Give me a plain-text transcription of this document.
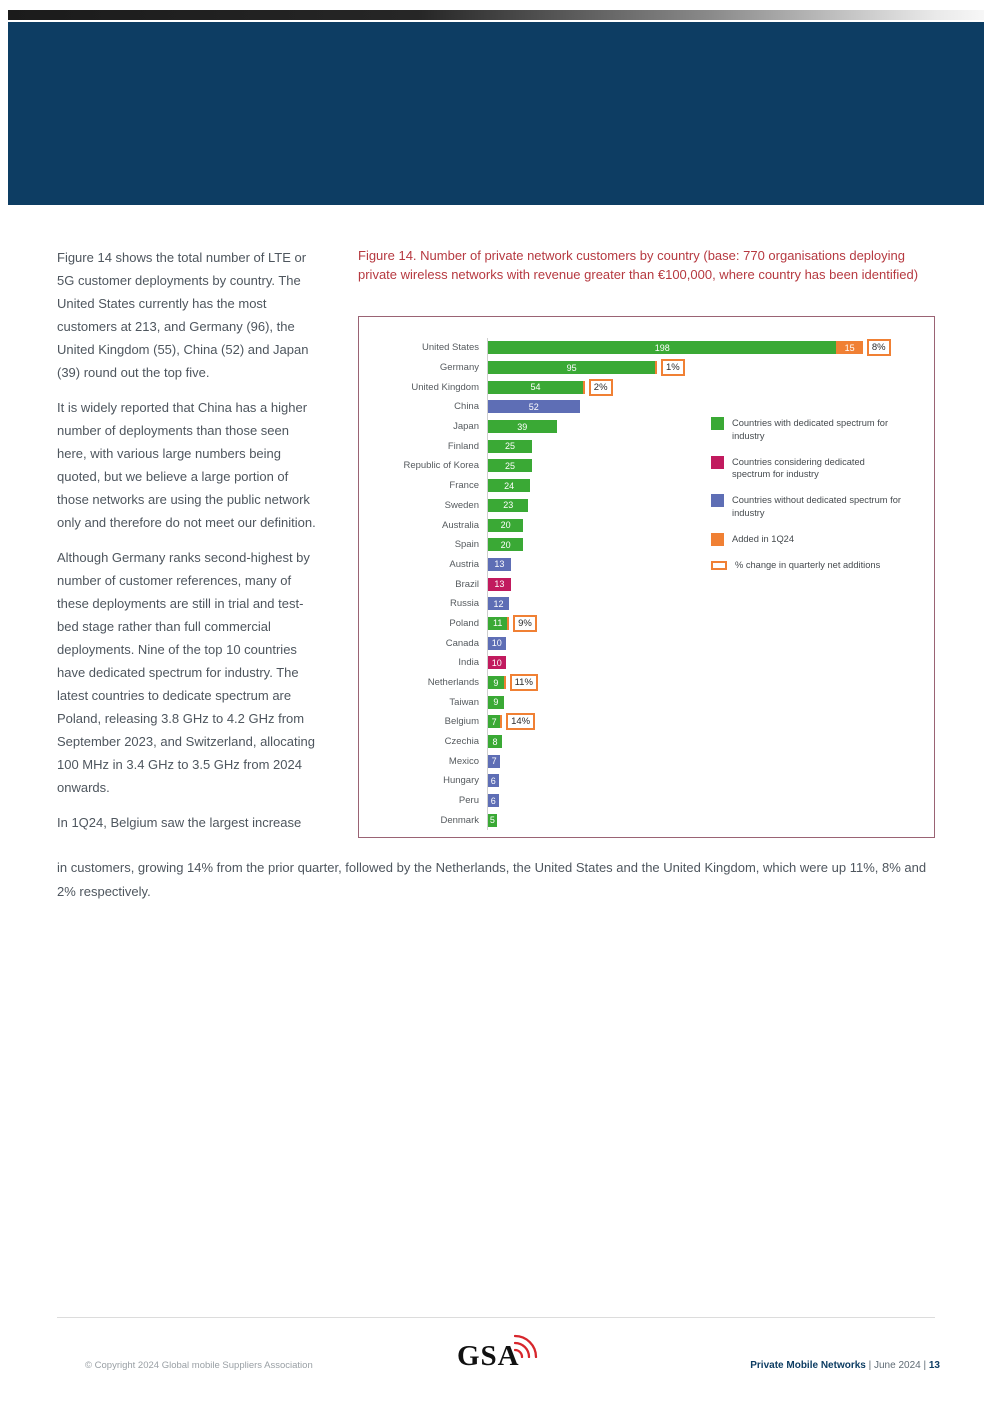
Figure 14 shows the total number of LTE or 5G customer deployments by country. The United States currently has the most customers at 213, and Germany (96), the United Kingdom (55), China (52) and Japan (39) round out the top five.

It is widely reported that China has a higher number of deployments than those seen here, with various large numbers being quoted, but we believe a large portion of those networks are using the public network only and therefore do not meet our definition.

Although Germany ranks second-highest by number of customer references, many of these deployments are still in trial and test-bed stage rather than full commercial deployments. Nine of the top 10 countries have dedicated spectrum for industry. The latest countries to dedicate spectrum are Poland, releasing 3.8 GHz to 4.2 GHz from September 2023, and Switzerland, allocating 100 MHz in 3.4 GHz to 3.5 GHz from 2024 onwards.

In 1Q24, Belgium saw the largest increase

Figure 14. Number of private network customers by country (base: 770 organisations deploying private wireless networks with revenue greater than €100,000, where country has been identified)
United States	198	15	8%
Germany	95	1%
United Kingdom	54	2%
China	52
Japan	39
Finland	25
Republic of Korea	25
France	24
Sweden	23
Australia	20
Spain	20
Austria	13
Brazil	13
Russia	12
Poland	11	9%
Canada	10
India	10
Netherlands	9	11%
Taiwan	9
Belgium	7	14%
Czechia	8
Mexico	7
Hungary	6
Peru	6
Denmark	5
Countries with dedicated spectrum for industry
Countries considering dedicated spectrum for industry
Countries without dedicated spectrum for industry
Added in 1Q24
% change in quarterly net additions

in customers, growing 14% from the prior quarter, followed by the Netherlands, the United States and the United Kingdom, which were up 11%, 8% and 2% respectively.

© Copyright 2024 Global mobile Suppliers Association	GSA	Private Mobile Networks | June 2024 | 13
